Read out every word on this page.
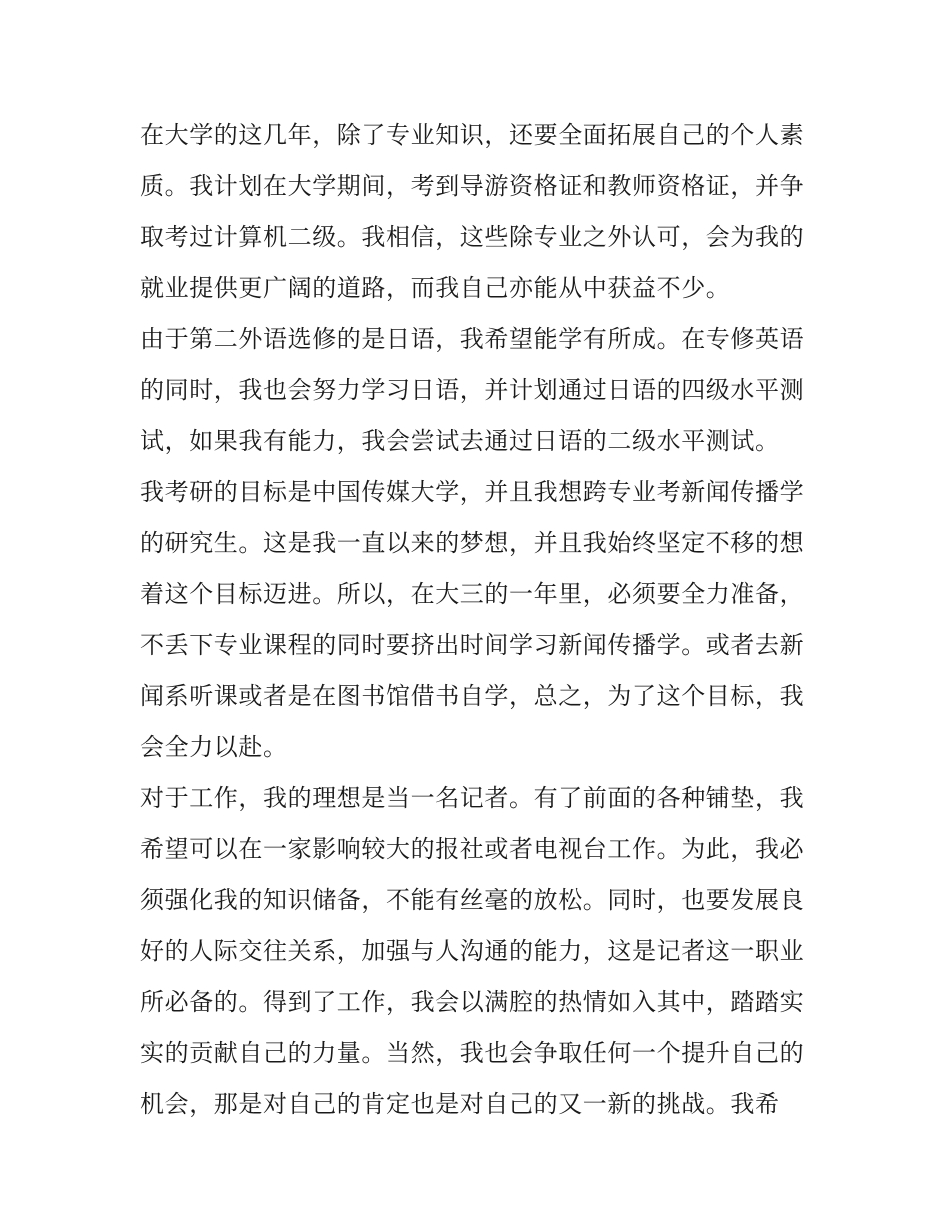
在大学的这几年，除了专业知识，还要全面拓展自己的个人素
质。我计划在大学期间，考到导游资格证和教师资格证，并争
取考过计算机二级。我相信，这些除专业之外认可，会为我的
就业提供更广阔的道路，而我自己亦能从中获益不少。
由于第二外语选修的是日语，我希望能学有所成。在专修英语
的同时，我也会努力学习日语，并计划通过日语的四级水平测
试，如果我有能力，我会尝试去通过日语的二级水平测试。
我考研的目标是中国传媒大学，并且我想跨专业考新闻传播学
的研究生。这是我一直以来的梦想，并且我始终坚定不移的想
着这个目标迈进。所以，在大三的一年里，必须要全力准备，
不丢下专业课程的同时要挤出时间学习新闻传播学。或者去新
闻系听课或者是在图书馆借书自学，总之，为了这个目标，我
会全力以赴。
对于工作，我的理想是当一名记者。有了前面的各种铺垫，我
希望可以在一家影响较大的报社或者电视台工作。为此，我必
须强化我的知识储备，不能有丝毫的放松。同时，也要发展良
好的人际交往关系，加强与人沟通的能力，这是记者这一职业
所必备的。得到了工作，我会以满腔的热情如入其中，踏踏实
实的贡献自己的力量。当然，我也会争取任何一个提升自己的
机会，那是对自己的肯定也是对自己的又一新的挑战。我希
